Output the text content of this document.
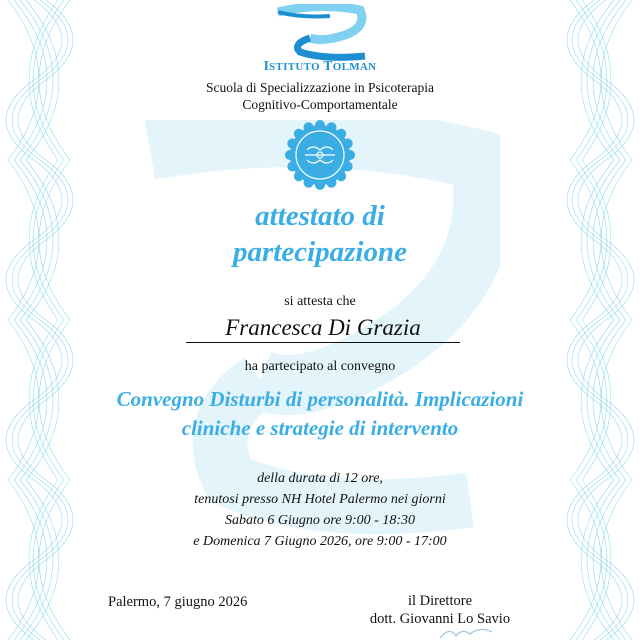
ISTITUTO TOLMAN
Scuola di Specializzazione in Psicoterapia
Cognitivo-Comportamentale
attestato di
partecipazione
si attesta che
Francesca Di Grazia
ha partecipato al convegno
Convegno Disturbi di personalità. Implicazioni
cliniche e strategie di intervento
della durata di 12 ore,
tenutosi presso NH Hotel Palermo nei giorni
Sabato 6 Giugno ore 9:00 - 18:30
e Domenica 7 Giugno 2026, ore 9:00 - 17:00
Palermo, 7 giugno 2026	il Direttore
dott. Giovanni Lo Savio
